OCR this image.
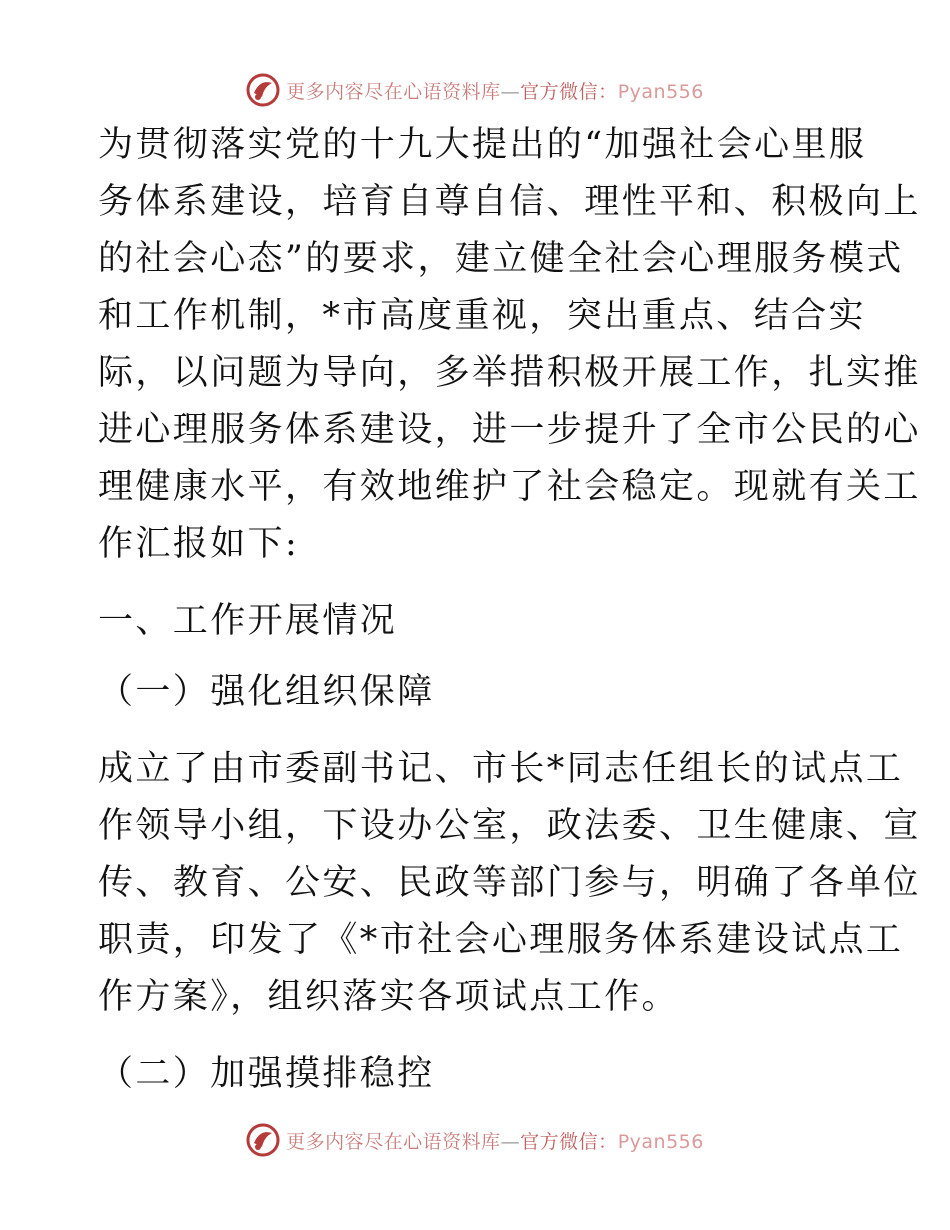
更多内容尽在心语资料库—官方微信：Pyan556

为贯彻落实党的十九大提出的“加强社会心里服

务体系建设，培育自尊自信、理性平和、积极向上

的社会心态”的要求，建立健全社会心理服务模式

和工作机制，*市高度重视，突出重点、结合实

际，以问题为导向，多举措积极开展工作，扎实推

进心理服务体系建设，进一步提升了全市公民的心

理健康水平，有效地维护了社会稳定。现就有关工

作汇报如下:

一、工作开展情况

（一）强化组织保障

成立了由市委副书记、市长*同志任组长的试点工

作领导小组，下设办公室，政法委、卫生健康、宣

传、教育、公安、民政等部门参与，明确了各单位

职责，印发了《*市社会心理服务体系建设试点工

作方案》，组织落实各项试点工作。

（二）加强摸排稳控

更多内容尽在心语资料库—官方微信：Pyan556
